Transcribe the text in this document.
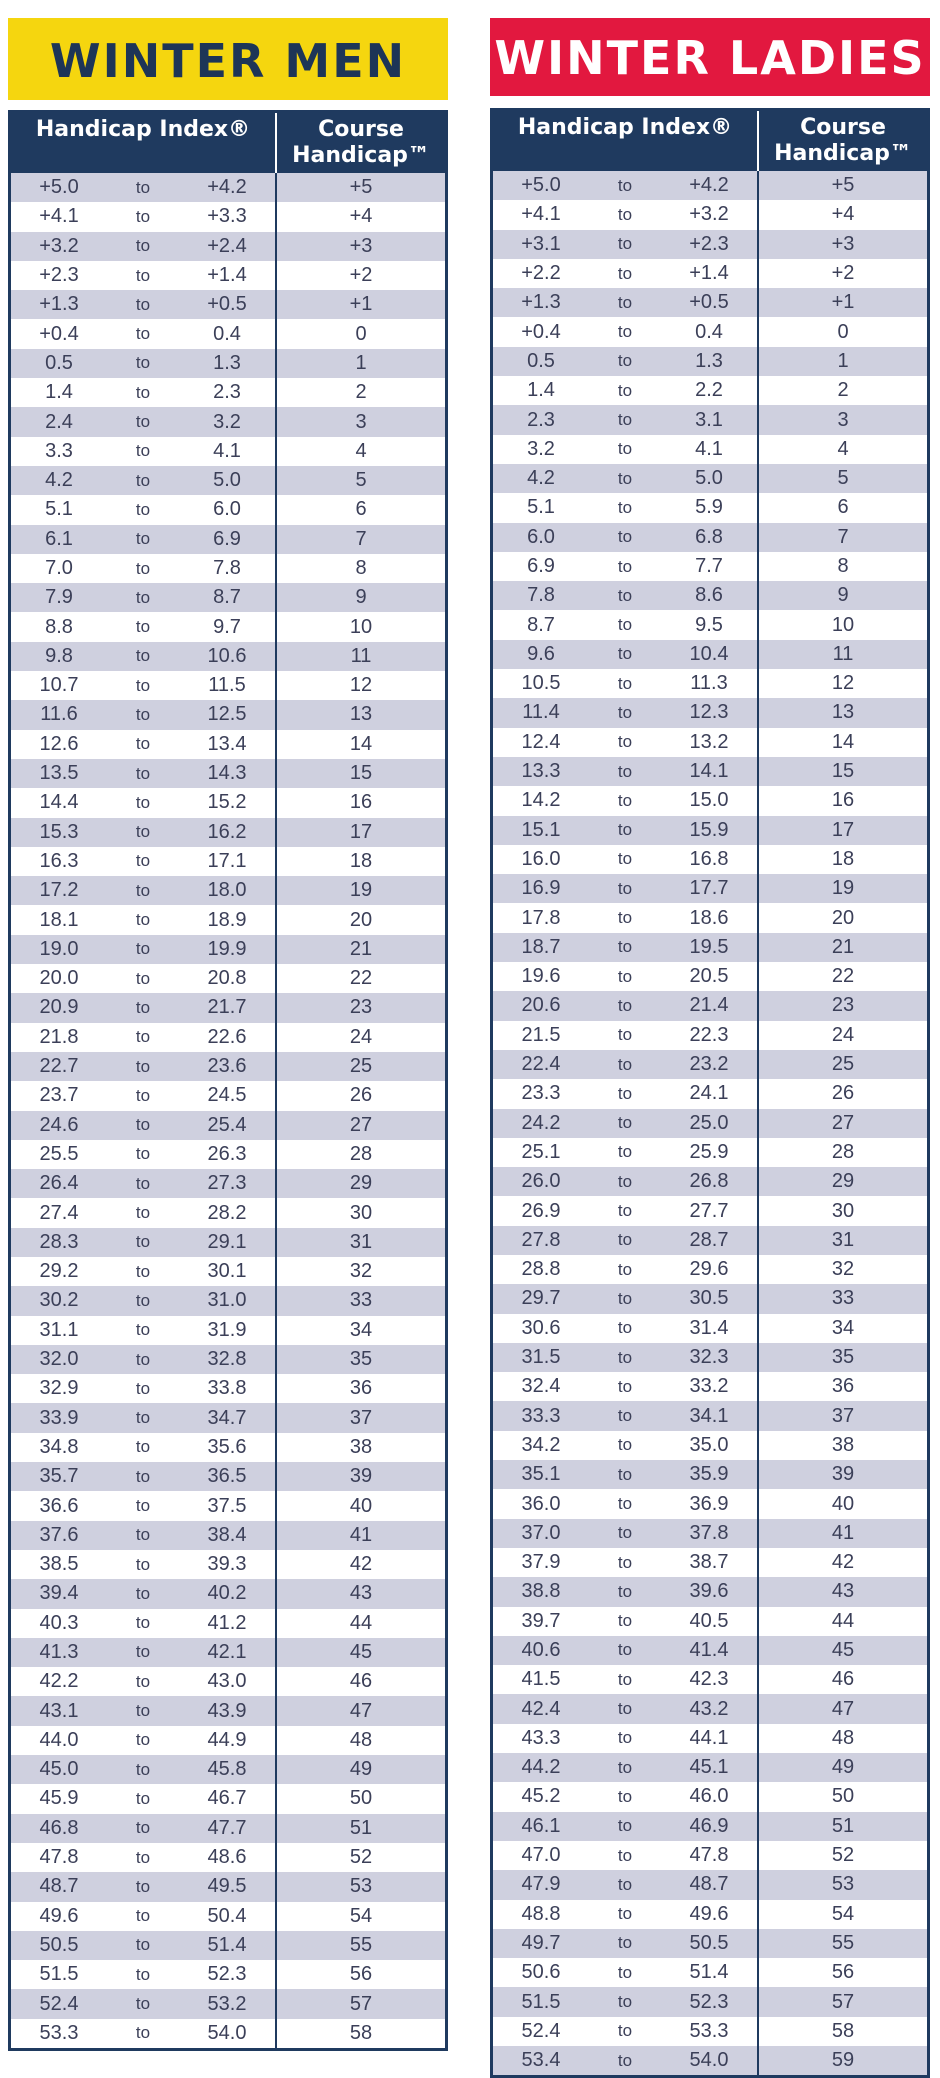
WINTER MEN
Handicap Index®	Course Handicap™
+5.0	to	+4.2	+5
+4.1	to	+3.3	+4
+3.2	to	+2.4	+3
+2.3	to	+1.4	+2
+1.3	to	+0.5	+1
+0.4	to	0.4	0
0.5	to	1.3	1
1.4	to	2.3	2
2.4	to	3.2	3
3.3	to	4.1	4
4.2	to	5.0	5
5.1	to	6.0	6
6.1	to	6.9	7
7.0	to	7.8	8
7.9	to	8.7	9
8.8	to	9.7	10
9.8	to	10.6	11
10.7	to	11.5	12
11.6	to	12.5	13
12.6	to	13.4	14
13.5	to	14.3	15
14.4	to	15.2	16
15.3	to	16.2	17
16.3	to	17.1	18
17.2	to	18.0	19
18.1	to	18.9	20
19.0	to	19.9	21
20.0	to	20.8	22
20.9	to	21.7	23
21.8	to	22.6	24
22.7	to	23.6	25
23.7	to	24.5	26
24.6	to	25.4	27
25.5	to	26.3	28
26.4	to	27.3	29
27.4	to	28.2	30
28.3	to	29.1	31
29.2	to	30.1	32
30.2	to	31.0	33
31.1	to	31.9	34
32.0	to	32.8	35
32.9	to	33.8	36
33.9	to	34.7	37
34.8	to	35.6	38
35.7	to	36.5	39
36.6	to	37.5	40
37.6	to	38.4	41
38.5	to	39.3	42
39.4	to	40.2	43
40.3	to	41.2	44
41.3	to	42.1	45
42.2	to	43.0	46
43.1	to	43.9	47
44.0	to	44.9	48
45.0	to	45.8	49
45.9	to	46.7	50
46.8	to	47.7	51
47.8	to	48.6	52
48.7	to	49.5	53
49.6	to	50.4	54
50.5	to	51.4	55
51.5	to	52.3	56
52.4	to	53.2	57
53.3	to	54.0	58
WINTER LADIES
Handicap Index®	Course Handicap™
+5.0	to	+4.2	+5
+4.1	to	+3.2	+4
+3.1	to	+2.3	+3
+2.2	to	+1.4	+2
+1.3	to	+0.5	+1
+0.4	to	0.4	0
0.5	to	1.3	1
1.4	to	2.2	2
2.3	to	3.1	3
3.2	to	4.1	4
4.2	to	5.0	5
5.1	to	5.9	6
6.0	to	6.8	7
6.9	to	7.7	8
7.8	to	8.6	9
8.7	to	9.5	10
9.6	to	10.4	11
10.5	to	11.3	12
11.4	to	12.3	13
12.4	to	13.2	14
13.3	to	14.1	15
14.2	to	15.0	16
15.1	to	15.9	17
16.0	to	16.8	18
16.9	to	17.7	19
17.8	to	18.6	20
18.7	to	19.5	21
19.6	to	20.5	22
20.6	to	21.4	23
21.5	to	22.3	24
22.4	to	23.2	25
23.3	to	24.1	26
24.2	to	25.0	27
25.1	to	25.9	28
26.0	to	26.8	29
26.9	to	27.7	30
27.8	to	28.7	31
28.8	to	29.6	32
29.7	to	30.5	33
30.6	to	31.4	34
31.5	to	32.3	35
32.4	to	33.2	36
33.3	to	34.1	37
34.2	to	35.0	38
35.1	to	35.9	39
36.0	to	36.9	40
37.0	to	37.8	41
37.9	to	38.7	42
38.8	to	39.6	43
39.7	to	40.5	44
40.6	to	41.4	45
41.5	to	42.3	46
42.4	to	43.2	47
43.3	to	44.1	48
44.2	to	45.1	49
45.2	to	46.0	50
46.1	to	46.9	51
47.0	to	47.8	52
47.9	to	48.7	53
48.8	to	49.6	54
49.7	to	50.5	55
50.6	to	51.4	56
51.5	to	52.3	57
52.4	to	53.3	58
53.4	to	54.0	59
